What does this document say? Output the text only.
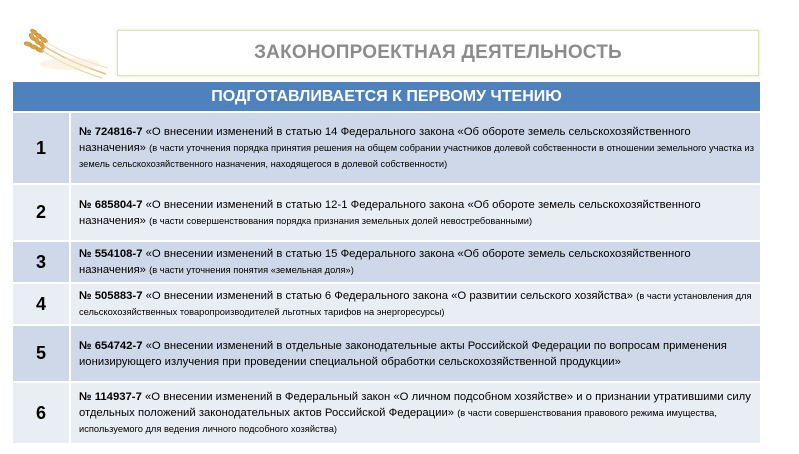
ЗАКОНОПРОЕКТНАЯ ДЕЯТЕЛЬНОСТЬ
ПОДГОТАВЛИВАЕТСЯ К ПЕРВОМУ ЧТЕНИЮ	
1	№ 724816-7 «О внесении изменений в статью 14 Федерального закона «Об обороте земель сельскохозяйственного назначения» (в части уточнения порядка принятия решения на общем собрании участников долевой собственности в отношении земельного участка из земель сельскохозяйственного назначения, находящегося в долевой собственности)
2	№ 685804-7 «О внесении изменений в статью 12-1 Федерального закона «Об обороте земель сельскохозяйственного назначения» (в части совершенствования порядка признания земельных долей невостребованными)
3	№ 554108-7 «О внесении изменений в статью 15 Федерального закона «Об обороте земель сельскохозяйственного назначения» (в части уточнения понятия «земельная доля»)
4	№ 505883-7 «О внесении изменений в статью 6 Федерального закона «О развитии сельского хозяйства» (в части установления для сельскохозяйственных товаропроизводителей льготных тарифов на энергоресурсы)
5	№ 654742-7 «О внесении изменений в отдельные законодательные акты Российской Федерации по вопросам применения ионизирующего излучения при проведении специальной обработки сельскохозяйственной продукции»
6	№ 114937-7 «О внесении изменений в Федеральный закон «О личном подсобном хозяйстве» и о признании утратившими силу отдельных положений законодательных актов Российской Федерации» (в части совершенствования правового режима имущества, используемого для ведения личного подсобного хозяйства)
